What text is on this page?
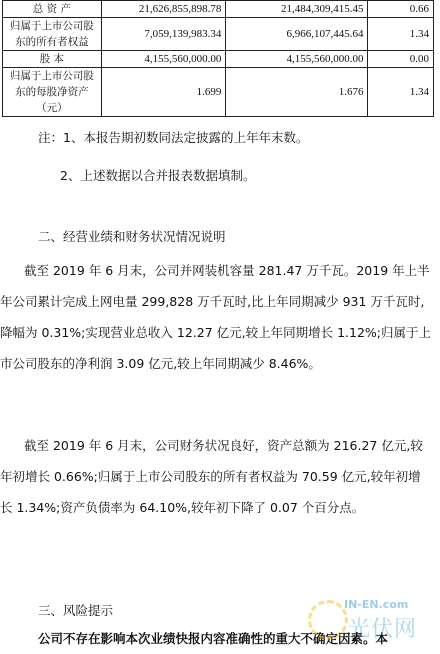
总 资 产	21,626,855,898.78	21,484,309,415.45	0.66
归属于上市公司股东的所有者权益	7,059,139,983.34	6,966,107,445.64	1.34
股 本	4,155,560,000.00	4,155,560,000.00	0.00
归属于上市公司股东的每股净资产（元）	1.699	1.676	1.34
注：1、本报告期初数同法定披露的上年年末数。
2、上述数据以合并报表数据填制。
二、经营业绩和财务状况情况说明
截至 2019 年 6 月末，公司并网装机容量 281.47 万千瓦。2019 年上半年公司累计完成上网电量 299,828 万千瓦时,比上年同期减少 931 万千瓦时,降幅为 0.31%;实现营业总收入 12.27 亿元,较上年同期增长 1.12%;归属于上市公司股东的净利润 3.09 亿元,较上年同期减少 8.46%。
截至 2019 年 6 月末，公司财务状况良好，资产总额为 216.27 亿元,较年初增长 0.66%;归属于上市公司股东的所有者权益为 70.59 亿元,较年初增长 1.34%;资产负债率为 64.10%,较年初下降了 0.07 个百分点。
三、风险提示
公司不存在影响本次业绩快报内容准确性的重大不确定因素。本
IN-EN.com
光伏网
